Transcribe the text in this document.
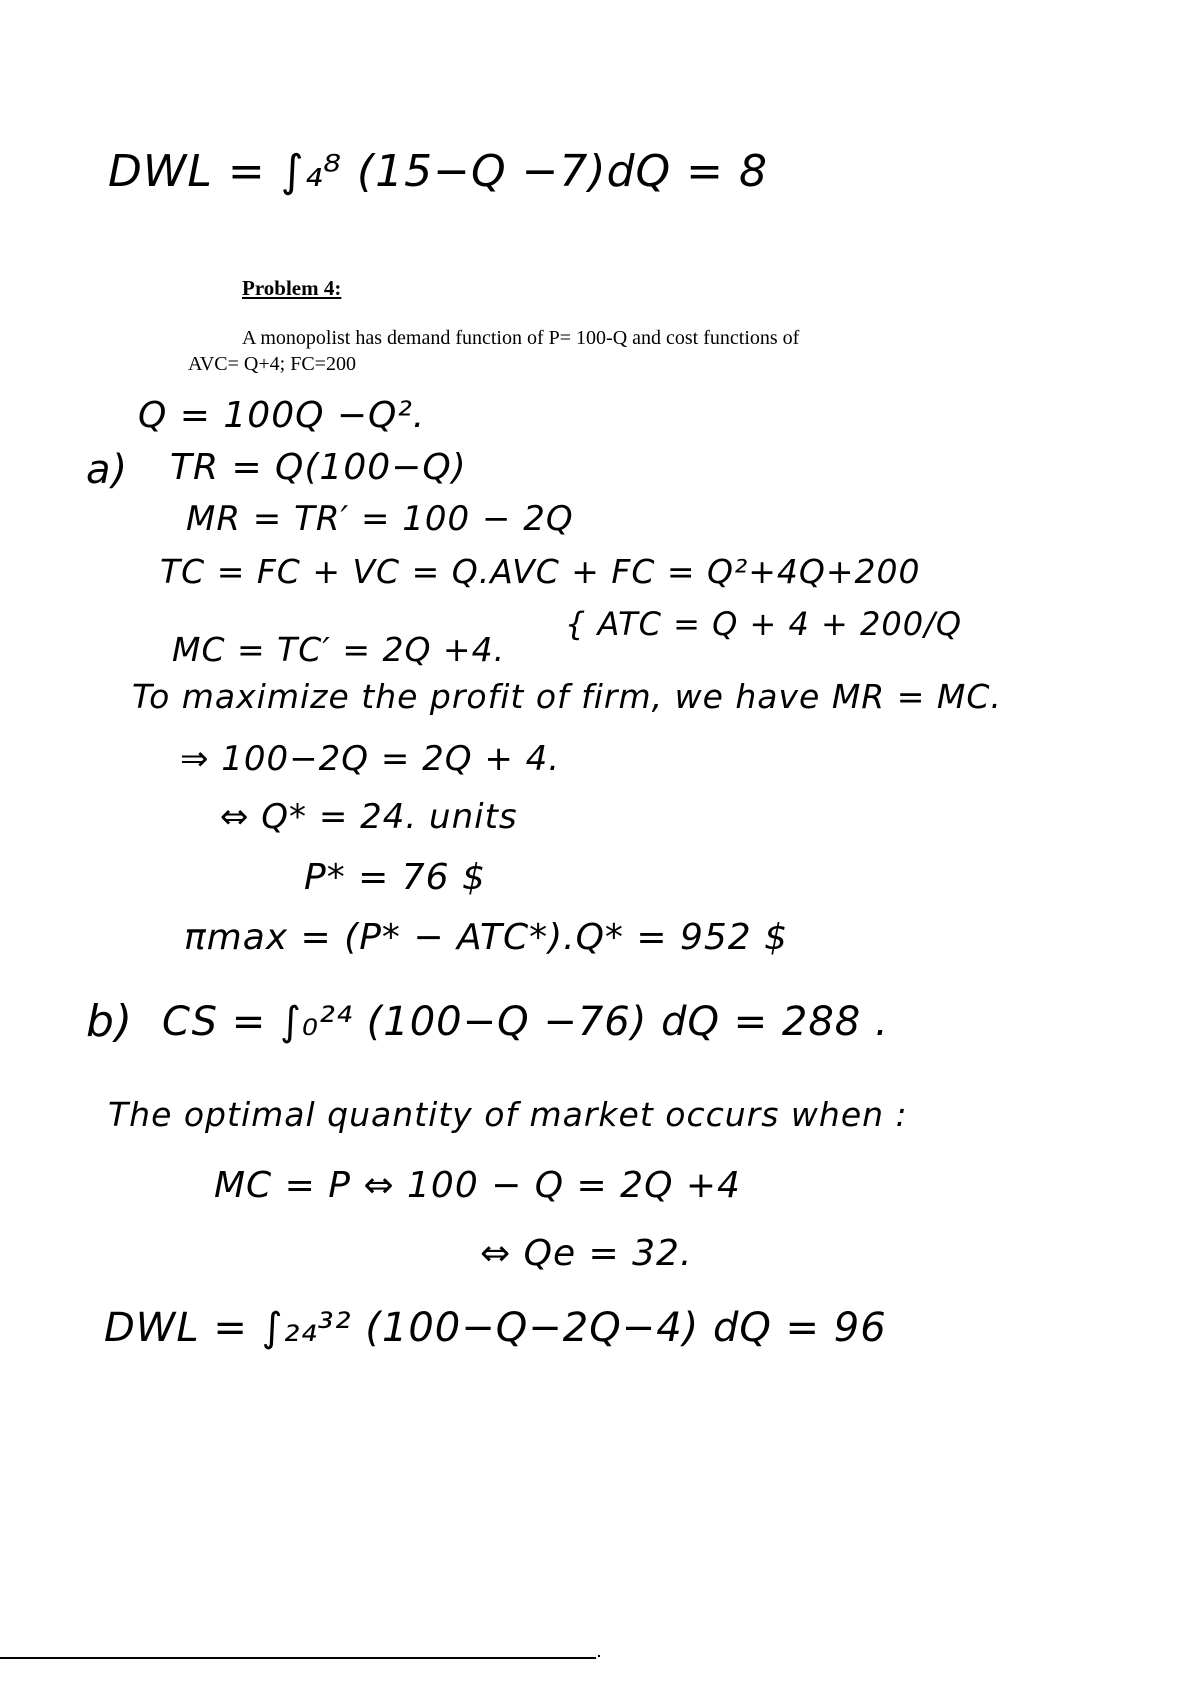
DWL = ∫₄⁸ (15−Q −7)dQ = 8
Problem 4:
A monopolist has demand function of P= 100-Q and cost functions of
AVC= Q+4; FC=200
Q = 100Q −Q².
a) TR = Q(100−Q)
MR = TR′ = 100 − 2Q
TC = FC + VC = Q.AVC + FC = Q²+4Q+200
MC = TC′ = 2Q +4.
{ ATC = Q + 4 + 200/Q
To maximize the profit of firm, we have MR = MC.
⇒ 100−2Q = 2Q + 4.
⇔ Q* = 24. units
P* = 76 $
πmax = (P* − ATC*).Q* = 952 $
b) CS = ∫₀²⁴ (100−Q −76) dQ = 288 .
The optimal quantity of market occurs when :
MC = P ⇔ 100 − Q = 2Q +4
⇔ Qe = 32.
DWL = ∫₂₄³² (100−Q−2Q−4) dQ = 96
